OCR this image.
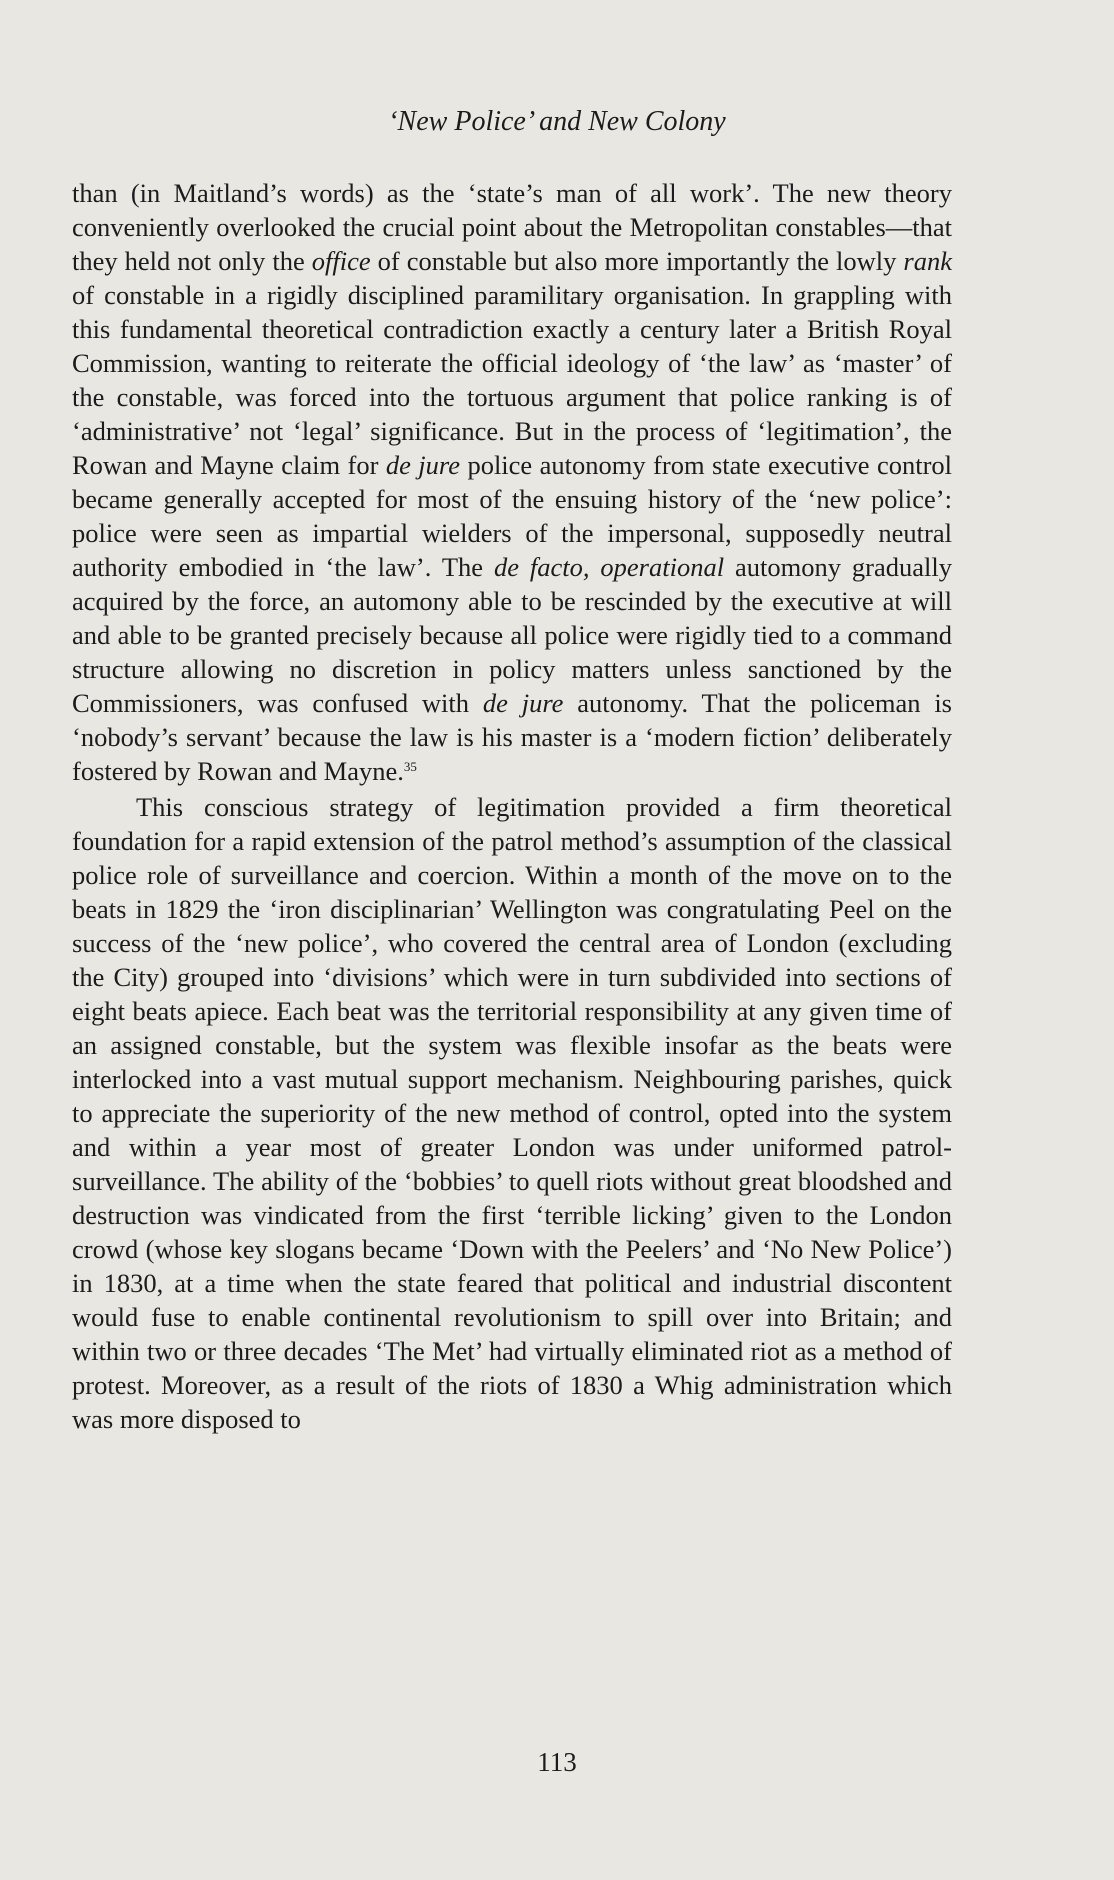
‘New Police’ and New Colony

than (in Maitland’s words) as the ‘state’s man of all work’. The new theory conveniently overlooked the crucial point about the Metropolitan constables—that they held not only the office of constable but also more importantly the lowly rank of constable in a rigidly disciplined paramilitary organisation. In grappling with this fundamental theoretical contradiction exactly a century later a British Royal Commission, wanting to reiterate the official ideology of ‘the law’ as ‘master’ of the constable, was forced into the tortuous argument that police ranking is of ‘administrative’ not ‘legal’ significance. But in the process of ‘legitimation’, the Rowan and Mayne claim for de jure police autonomy from state executive control became generally accepted for most of the ensuing history of the ‘new police’: police were seen as impartial wielders of the impersonal, supposedly neutral authority embodied in ‘the law’. The de facto, operational automony gradually acquired by the force, an automony able to be rescinded by the executive at will and able to be granted precisely because all police were rigidly tied to a command structure allowing no discretion in policy matters unless sanctioned by the Commissioners, was confused with de jure autonomy. That the policeman is ‘nobody’s servant’ because the law is his master is a ‘modern fiction’ deliberately fostered by Rowan and Mayne.$^{35}$

This conscious strategy of legitimation provided a firm theoretical foundation for a rapid extension of the patrol method’s assumption of the classical police role of surveillance and coercion. Within a month of the move on to the beats in 1829 the ‘iron disciplinarian’ Wellington was congratulating Peel on the success of the ‘new police’, who covered the central area of London (excluding the City) grouped into ‘divisions’ which were in turn subdivided into sections of eight beats apiece. Each beat was the territorial responsibility at any given time of an assigned constable, but the system was flexible insofar as the beats were interlocked into a vast mutual support mechanism. Neighbouring parishes, quick to appreciate the superiority of the new method of control, opted into the system and within a year most of greater London was under uniformed patrol-surveillance. The ability of the ‘bobbies’ to quell riots without great bloodshed and destruction was vindicated from the first ‘terrible licking’ given to the London crowd (whose key slogans became ‘Down with the Peelers’ and ‘No New Police’) in 1830, at a time when the state feared that political and industrial discontent would fuse to enable continental revolutionism to spill over into Britain; and within two or three decades ‘The Met’ had virtually eliminated riot as a method of protest. Moreover, as a result of the riots of 1830 a Whig administration which was more disposed to

113
